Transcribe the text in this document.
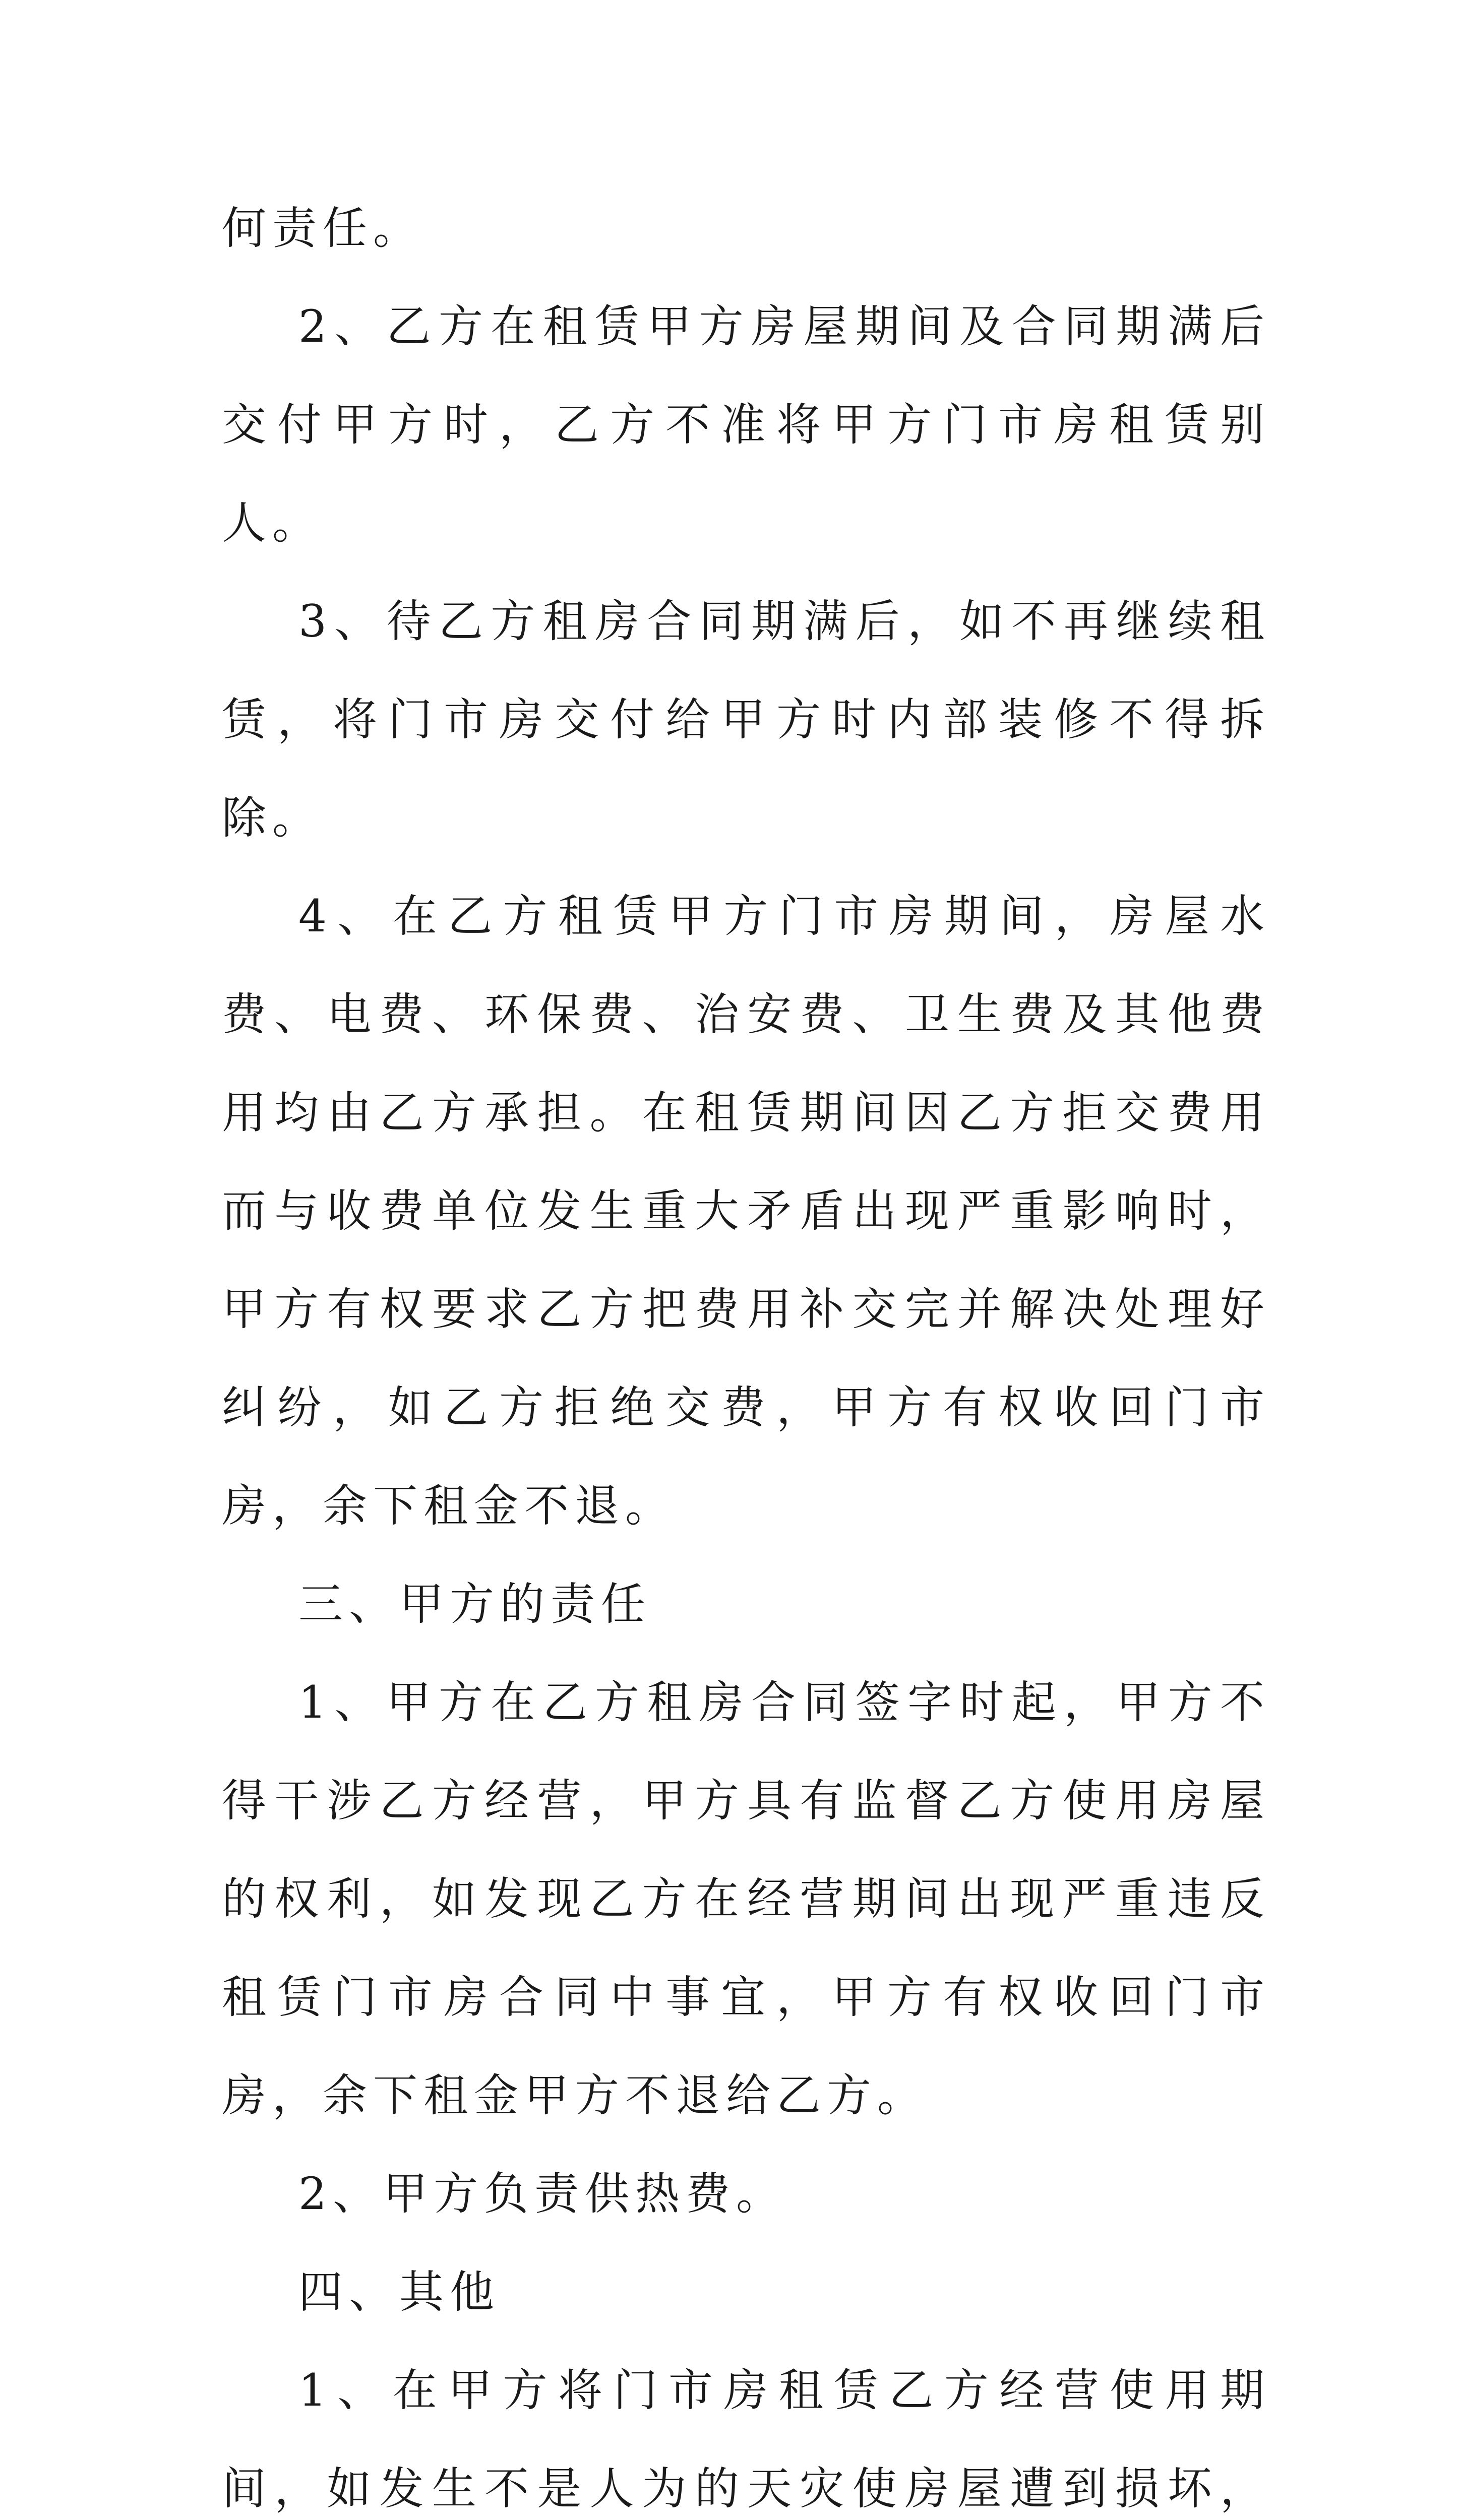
何责任。

2、乙方在租赁甲方房屋期间及合同期满后交付甲方时，乙方不准将甲方门市房租赁别人。

3、待乙方租房合同期满后，如不再继续租赁，将门市房交付给甲方时内部装修不得拆除。

4、在乙方租赁甲方门市房期间，房屋水费、电费、环保费、治安费、卫生费及其他费用均由乙方承担。在租赁期间因乙方拒交费用而与收费单位发生重大矛盾出现严重影响时，甲方有权要求乙方把费用补交完并解决处理好纠纷，如乙方拒绝交费，甲方有权收回门市房，余下租金不退。

三、甲方的责任

1、甲方在乙方租房合同签字时起，甲方不得干涉乙方经营，甲方具有监督乙方使用房屋的权利，如发现乙方在经营期间出现严重违反租赁门市房合同中事宜，甲方有权收回门市房，余下租金甲方不退给乙方。

2、甲方负责供热费。

四、其他

1、在甲方将门市房租赁乙方经营使用期间，如发生不是人为的天灾使房屋遭到损坏，
